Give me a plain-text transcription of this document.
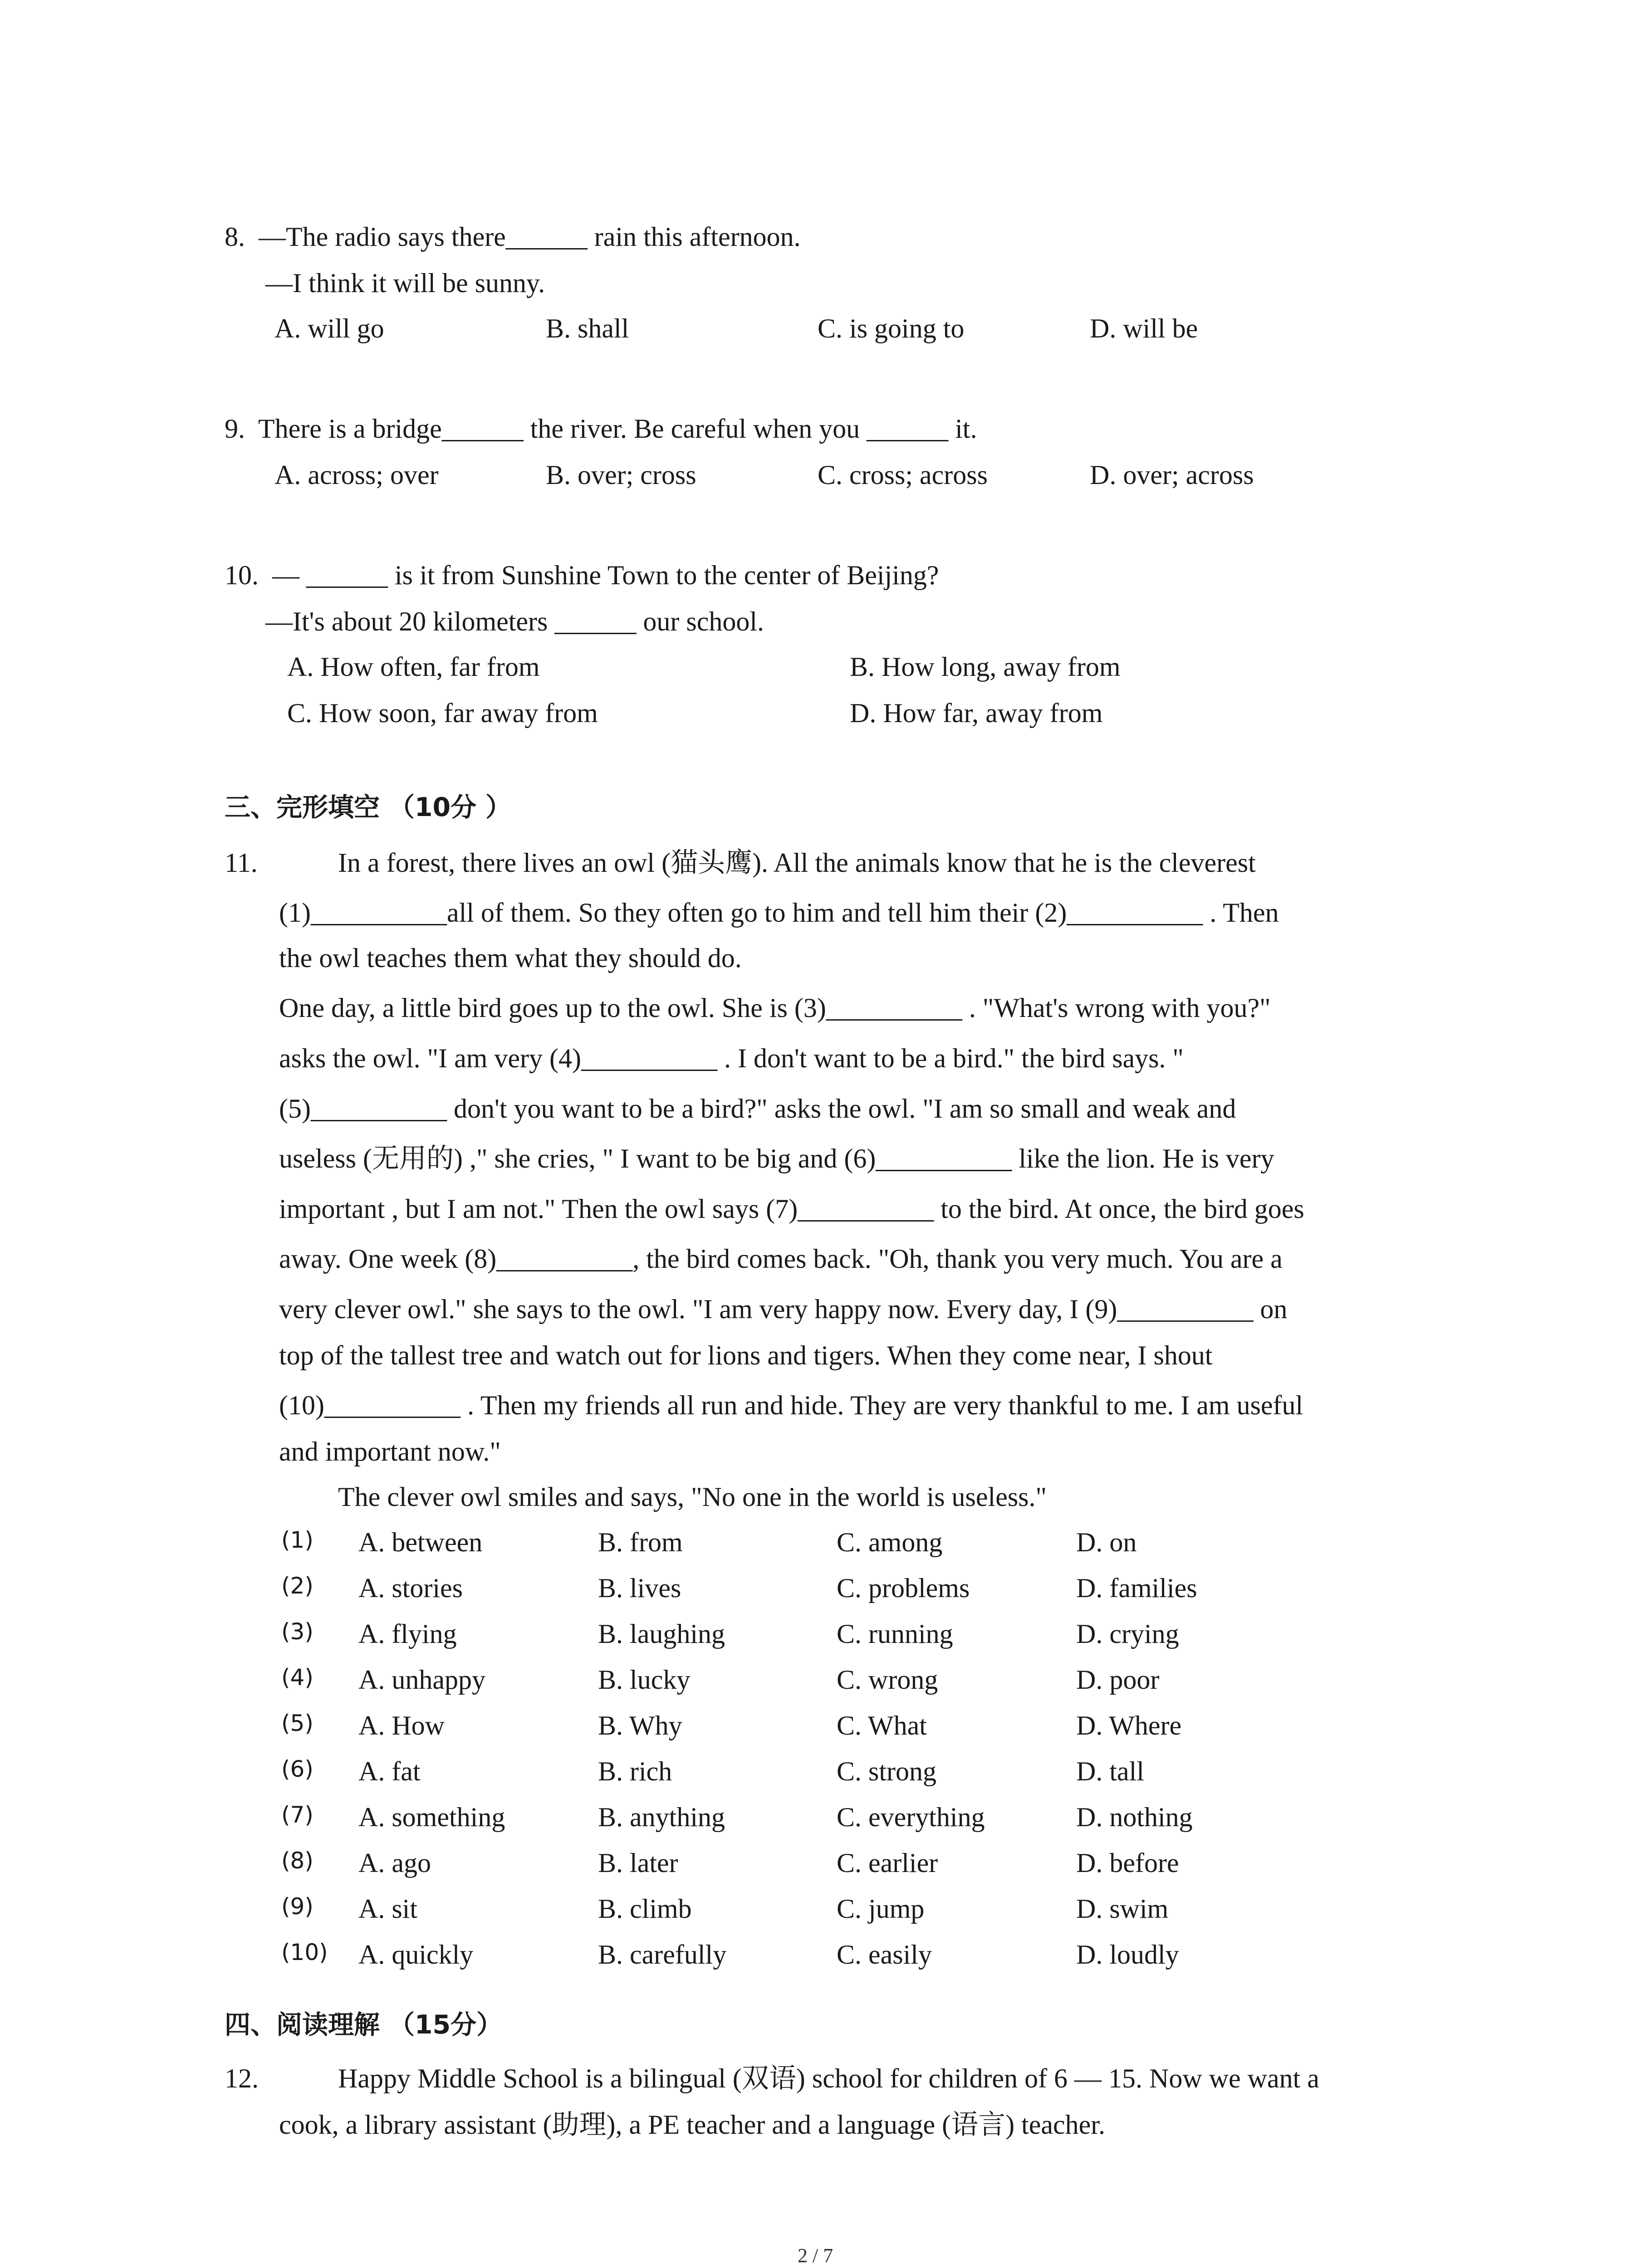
8.  —The radio says there______ rain this afternoon.
—I think it will be sunny.
A. will go	B. shall	C. is going to	D. will be
9.  There is a bridge______ the river. Be careful when you ______ it.
A. across; over	B. over; cross	C. cross; across	D. over; across
10.  — ______ is it from Sunshine Town to the center of Beijing?
—It's about 20 kilometers ______ our school.
A. How often, far from	B. How long, away from
C. How soon, far away from	D. How far, away from
三、完形填空 （10分 ）
11.	In a forest, there lives an owl (猫头鹰). All the animals know that he is the cleverest
(1)__________all of them. So they often go to him and tell him their (2)__________ . Then
the owl teaches them what they should do.
One day, a little bird goes up to the owl. She is (3)__________ . "What's wrong with you?"
asks the owl. "I am very (4)__________ . I don't want to be a bird." the bird says. "
(5)__________ don't you want to be a bird?" asks the owl. "I am so small and weak and
useless (无用的) ," she cries, " I want to be big and (6)__________ like the lion. He is very
important , but I am not." Then the owl says (7)__________ to the bird. At once, the bird goes
away. One week (8)__________, the bird comes back. "Oh, thank you very much. You are a
very clever owl." she says to the owl. "I am very happy now. Every day, I (9)__________ on
top of the tallest tree and watch out for lions and tigers. When they come near, I shout
(10)__________ . Then my friends all run and hide. They are very thankful to me. I am useful
and important now."
The clever owl smiles and says, "No one in the world is useless."
(1) A. between	B. from	C. among	D. on
(2) A. stories	B. lives	C. problems	D. families
(3) A. flying	B. laughing	C. running	D. crying
(4) A. unhappy	B. lucky	C. wrong	D. poor
(5) A. How	B. Why	C. What	D. Where
(6) A. fat	B. rich	C. strong	D. tall
(7) A. something	B. anything	C. everything	D. nothing
(8) A. ago	B. later	C. earlier	D. before
(9) A. sit	B. climb	C. jump	D. swim
(10) A. quickly	B. carefully	C. easily	D. loudly
四、阅读理解 （15分）
12.	Happy Middle School is a bilingual (双语) school for children of 6 — 15. Now we want a
cook, a library assistant (助理), a PE teacher and a language (语言) teacher.
2 / 7
